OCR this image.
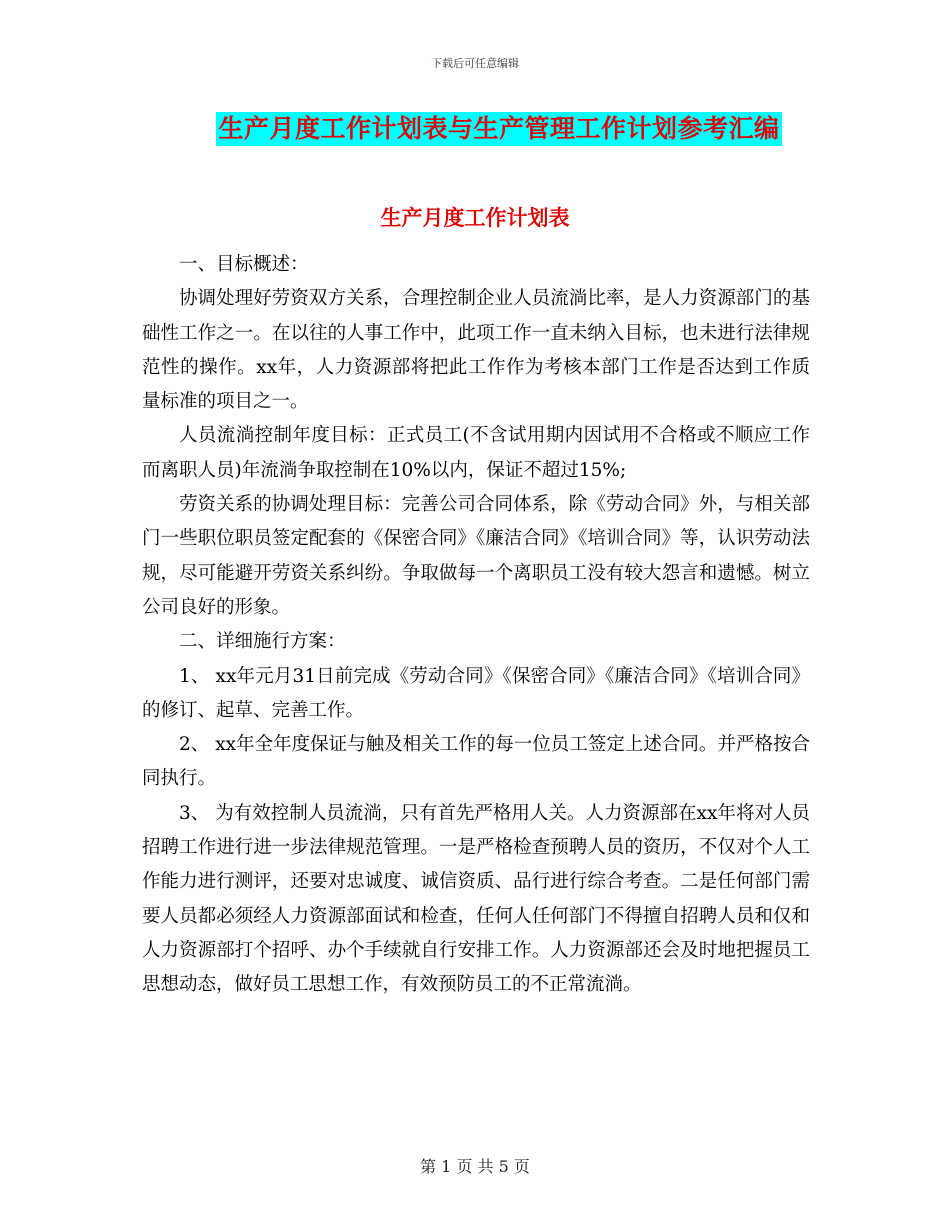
下载后可任意编辑
生产月度工作计划表与生产管理工作计划参考汇编
生产月度工作计划表

一、目标概述：

协调处理好劳资双方关系，合理控制企业人员流淌比率，是人力资源部门的基础性工作之一。在以往的人事工作中，此项工作一直未纳入目标，也未进行法律规范性的操作。xx年，人力资源部将把此工作作为考核本部门工作是否达到工作质量标准的项目之一。

人员流淌控制年度目标：正式员工(不含试用期内因试用不合格或不顺应工作而离职人员)年流淌争取控制在10%以内，保证不超过15%;

劳资关系的协调处理目标：完善公司合同体系，除《劳动合同》外，与相关部门一些职位职员签定配套的《保密合同》《廉洁合同》《培训合同》等，认识劳动法规，尽可能避开劳资关系纠纷。争取做每一个离职员工没有较大怨言和遗憾。树立公司良好的形象。

二、详细施行方案：

1、 xx年元月31日前完成《劳动合同》《保密合同》《廉洁合同》《培训合同》的修订、起草、完善工作。

2、 xx年全年度保证与触及相关工作的每一位员工签定上述合同。并严格按合同执行。

3、 为有效控制人员流淌，只有首先严格用人关。人力资源部在xx年将对人员招聘工作进行进一步法律规范管理。一是严格检查预聘人员的资历，不仅对个人工作能力进行测评，还要对忠诚度、诚信资质、品行进行综合考查。二是任何部门需要人员都必须经人力资源部面试和检查，任何人任何部门不得擅自招聘人员和仅和人力资源部打个招呼、办个手续就自行安排工作。人力资源部还会及时地把握员工思想动态，做好员工思想工作，有效预防员工的不正常流淌。

第 1 页 共 5 页
